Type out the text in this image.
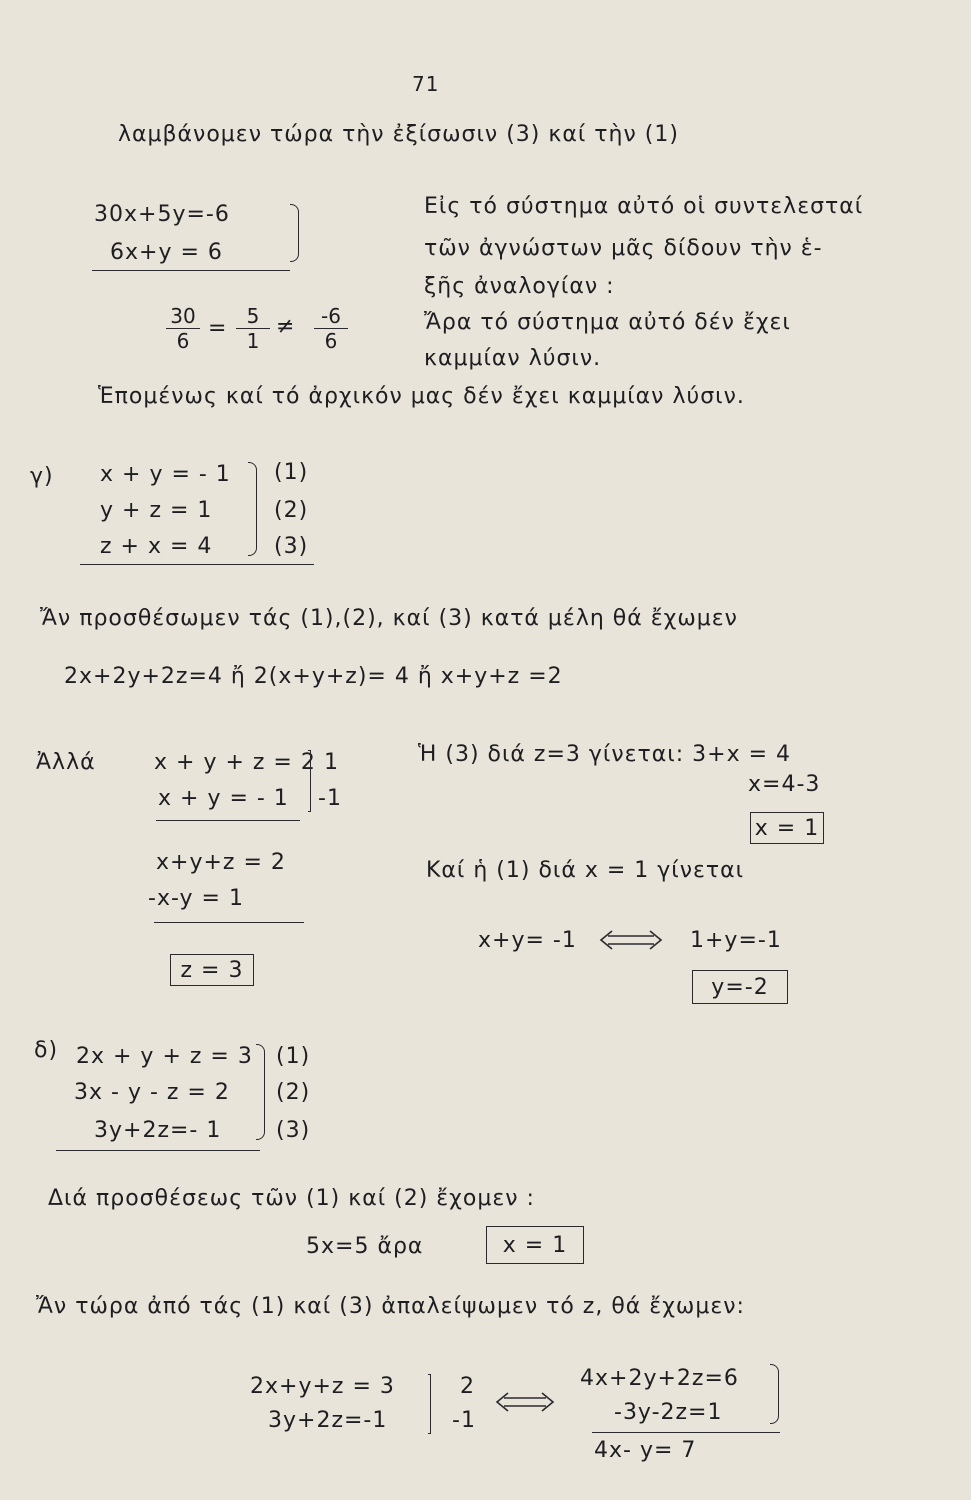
71
λαμβάνομεν τώρα τὴν ἐξίσωσιν (3) καί τὴν (1)
30x+5y=-6
6x+y = 6
30
6 = 5
1
≠	-6
6
Εἰς τό σύστημα αὐτό οἱ συντελεσταί
τῶν ἀγνώστων μᾶς δίδουν τὴν ἑ-
ξῆς ἀναλογίαν :
Ἄρα τό σύστημα αὐτό δέν ἔχει
καμμίαν λύσιν.
Ἑπομένως καί τό ἀρχικόν μας δέν ἔχει καμμίαν λύσιν.
γ) x + y = - 1
y + z = 1
z + x = 4
(1)
(2)
(3)
Ἄν προσθέσωμεν τάς (1),(2), καί (3) κατά μέλη θά ἔχωμεν
2x+2y+2z=4 ἤ 2(x+y+z)= 4 ἤ x+y+z =2
Ἀλλά	x + y + z = 2 1
x + y = - 1 -1
x+y+z = 2
-x-y = 1
z = 3
Ἡ (3) διά z=3 γίνεται: 3+x = 4
x=4-3
x = 1
Καί ἡ (1) διά x = 1 γίνεται
x+y= -1	1+y=-1
y=-2
δ) 2x + y + z = 3
3x - y - z = 2
3y+2z=- 1
(1)
(2)
(3)
Διά προσθέσεως τῶν (1) καί (2) ἔχομεν :
5x=5 ἄρα	x = 1
Ἄν τώρα ἀπό τάς (1) καί (3) ἀπαλείψωμεν τό z, θά ἔχωμεν:
2x+y+z = 3	2
3y+2z=-1	-1
4x+2y+2z=6
-3y-2z=1
4x- y= 7
